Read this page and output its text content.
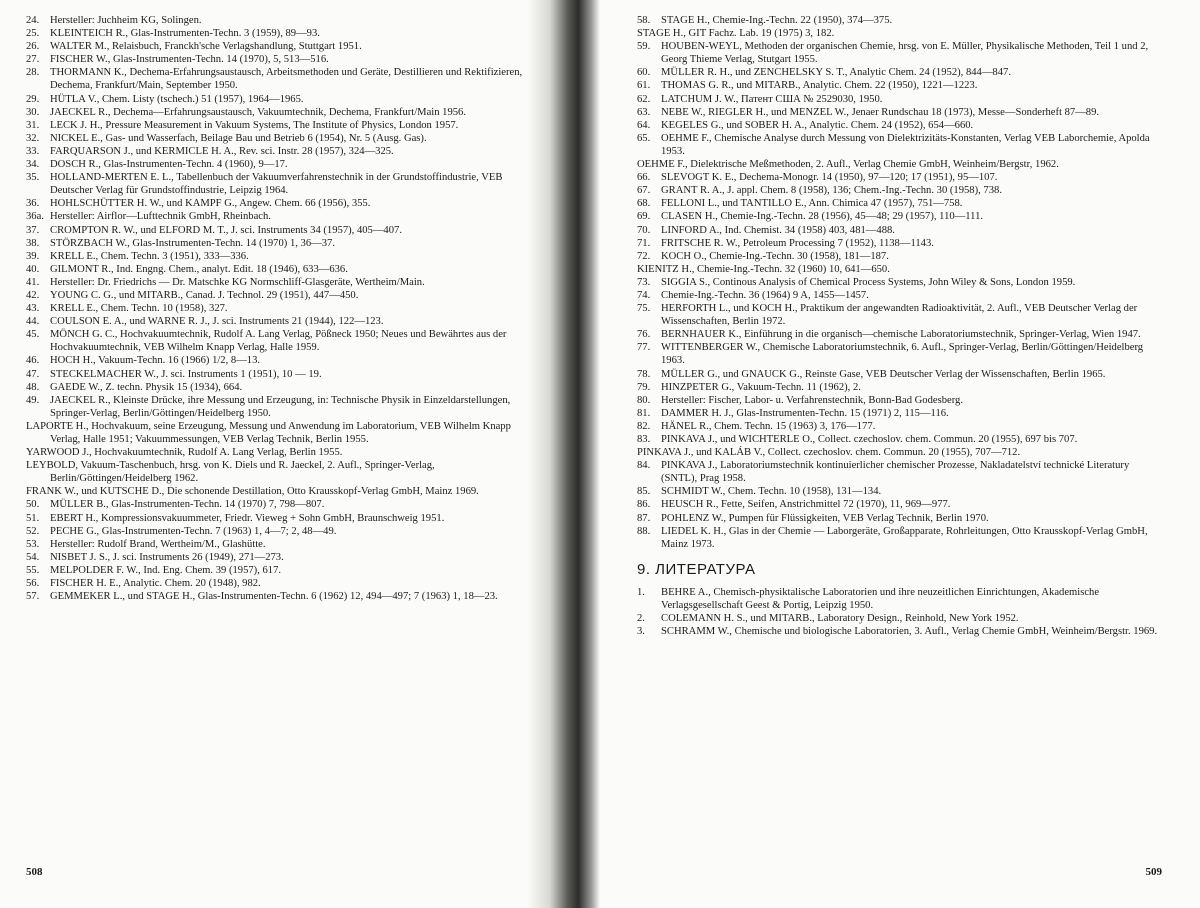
24. Hersteller: Juchheim KG, Solingen.

25. KLEINTEICH R., Glas-Instrumenten-Techn. 3 (1959), 89—93.

26. WALTER M., Relaisbuch, Franckh'sche Verlagshandlung, Stuttgart 1951.

27. FISCHER W., Glas-Instrumenten-Techn. 14 (1970), 5, 513—516.

28. THORMANN K., Dechema-Erfahrungsaustausch, Arbeitsmethoden und Geräte, Destillieren und Rektifizieren, Dechema, Frankfurt/Main, September 1950.

29. HÜTLA V., Chem. Listy (tschech.) 51 (1957), 1964—1965.

30. JAECKEL R., Dechema—Erfahrungsaustausch, Vakuumtechnik, Dechema, Frankfurt/Main 1956.

31. LECK J. H., Pressure Measurement in Vakuum Systems, The Institute of Physics, London 1957.

32. NICKEL E., Gas- und Wasserfach, Beilage Bau und Betrieb 6 (1954), Nr. 5 (Ausg. Gas).

33. FARQUARSON J., und KERMICLE H. A., Rev. sci. Instr. 28 (1957), 324—325.

34. DOSCH R., Glas-Instrumenten-Techn. 4 (1960), 9—17.

35. HOLLAND-MERTEN E. L., Tabellenbuch der Vakuumverfahrenstechnik in der Grundstoffindustrie, VEB Deutscher Verlag für Grundstoffindustrie, Leipzig 1964.

36. HOHLSCHÜTTER H. W., und KAMPF G., Angew. Chem. 66 (1956), 355.

36a. Hersteller: Airflor—Lufttechnik GmbH, Rheinbach.

37. CROMPTON R. W., und ELFORD M. T., J. sci. Instruments 34 (1957), 405—407.

38. STÖRZBACH W., Glas-Instrumenten-Techn. 14 (1970) 1, 36—37.

39. KRELL E., Chem. Techn. 3 (1951), 333—336.

40. GILMONT R., Ind. Engng. Chem., analyt. Edit. 18 (1946), 633—636.

41. Hersteller: Dr. Friedrichs — Dr. Matschke KG Normschliff-Glasgeräte, Wertheim/Main.

42. YOUNG C. G., und MITARB., Canad. J. Technol. 29 (1951), 447—450.

43. KRELL E., Chem. Techn. 10 (1958), 327.

44. COULSON E. A., und WARNE R. J., J. sci. Instruments 21 (1944), 122—123.

45. MÖNCH G. C., Hochvakuumtechnik, Rudolf A. Lang Verlag, Pößneck 1950; Neues und Bewährtes aus der Hochvakuumtechnik, VEB Wilhelm Knapp Verlag, Halle 1959.

46. HOCH H., Vakuum-Techn. 16 (1966) 1/2, 8—13.

47. STECKELMACHER W., J. sci. Instruments 1 (1951), 10 — 19.

48. GAEDE W., Z. techn. Physik 15 (1934), 664.

49. JAECKEL R., Kleinste Drücke, ihre Messung und Erzeugung, in: Technische Physik in Einzeldarstellungen, Springer-Verlag, Berlin/Göttingen/Heidelberg 1950.
LAPORTE H., Hochvakuum, seine Erzeugung, Messung und Anwendung im Laboratorium, VEB Wilhelm Knapp Verlag, Halle 1951; Vakuummessungen, VEB Verlag Technik, Berlin 1955.
YARWOOD J., Hochvakuumtechnik, Rudolf A. Lang Verlag, Berlin 1955.
LEYBOLD, Vakuum-Taschenbuch, hrsg. von K. Diels und R. Jaeckel, 2. Aufl., Springer-Verlag, Berlin/Göttingen/Heidelberg 1962.
FRANK W., und KUTSCHE D., Die schonende Destillation, Otto Krausskopf-Verlag GmbH, Mainz 1969.

50. MÜLLER B., Glas-Instrumenten-Techn. 14 (1970) 7, 798—807.

51. EBERT H., Kompressionsvakuummeter, Friedr. Vieweg + Sohn GmbH, Braunschweig 1951.

52. PECHE G., Glas-Instrumenten-Techn. 7 (1963) 1, 4—7; 2, 48—49.

53. Hersteller: Rudolf Brand, Wertheim/M., Glashütte.

54. NISBET J. S., J. sci. Instruments 26 (1949), 271—273.

55. MELPOLDER F. W., Ind. Eng. Chem. 39 (1957), 617.

56. FISCHER H. E., Analytic. Chem. 20 (1948), 982.

57. GEMMEKER L., und STAGE H., Glas-Instrumenten-Techn. 6 (1962) 12, 494—497; 7 (1963) 1, 18—23.

508

58. STAGE H., Chemie-Ing.-Techn. 22 (1950), 374—375.
STAGE H., GIT Fachz. Lab. 19 (1975) 3, 182.

59. HOUBEN-WEYL, Methoden der organischen Chemie, hrsg. von E. Müller, Physikalische Methoden, Teil 1 und 2, Georg Thieme Verlag, Stutgart 1955.

60. MÜLLER R. H., und ZENCHELSKY S. T., Analytic Chem. 24 (1952), 844—847.

61. THOMAS G. R., und MITARB., Analytic. Chem. 22 (1950), 1221—1223.

62. LATCHUM J. W., Патент США № 2529030, 1950.

63. NEBE W., RIEGLER H., und MENZEL W., Jenaer Rundschau 18 (1973), Messe—Sonderheft 87—89.

64. KEGELES G., und SOBER H. A., Analytic. Chem. 24 (1952), 654—660.

65. OEHME F., Chemische Analyse durch Messung von Dielektrizitäts-Konstanten, Verlag VEB Laborchemie, Apolda 1953.
OEHME F., Dielektrische Meßmethoden, 2. Aufl., Verlag Chemie GmbH, Weinheim/Bergstr, 1962.

66. SLEVOGT K. E., Dechema-Monogr. 14 (1950), 97—120; 17 (1951), 95—107.

67. GRANT R. A., J. appl. Chem. 8 (1958), 136; Chem.-Ing.-Techn. 30 (1958), 738.

68. FELLONI L., und TANTILLO E., Ann. Chimica 47 (1957), 751—758.

69. CLASEN H., Chemie-Ing.-Techn. 28 (1956), 45—48; 29 (1957), 110—111.

70. LINFORD A., Ind. Chemist. 34 (1958) 403, 481—488.

71. FRITSCHE R. W., Petroleum Processing 7 (1952), 1138—1143.

72. KOCH O., Chemie-Ing.-Techn. 30 (1958), 181—187.
KIENITZ H., Chemie-Ing.-Techn. 32 (1960) 10, 641—650.

73. SIGGIA S., Continous Analysis of Chemical Process Systems, John Wiley & Sons, London 1959.

74. Chemie-Ing.-Techn. 36 (1964) 9 A, 1455—1457.

75. HERFORTH L., und KOCH H., Praktikum der angewandten Radioaktivität, 2. Aufl., VEB Deutscher Verlag der Wissenschaften, Berlin 1972.

76. BERNHAUER K., Einführung in die organisch—chemische Laboratoriumstechnik, Springer-Verlag, Wien 1947.

77. WITTENBERGER W., Chemische Laboratoriumstechnik, 6. Aufl., Springer-Verlag, Berlin/Göttingen/Heidelberg 1963.

78. MÜLLER G., und GNAUCK G., Reinste Gase, VEB Deutscher Verlag der Wissenschaften, Berlin 1965.

79. HINZPETER G., Vakuum-Techn. 11 (1962), 2.

80. Hersteller: Fischer, Labor- u. Verfahrenstechnik, Bonn-Bad Godesberg.

81. DAMMER H. J., Glas-Instrumenten-Techn. 15 (1971) 2, 115—116.

82. HÄNEL R., Chem. Techn. 15 (1963) 3, 176—177.

83. PINKAVA J., und WICHTERLE O., Collect. czechoslov. chem. Commun. 20 (1955), 697 bis 707.
PINKAVA J., und KALÁB V., Collect. czechoslov. chem. Commun. 20 (1955), 707—712.

84. PINKAVA J., Laboratoriumstechnik kontinuierlicher chemischer Prozesse, Nakladatelství technické Literatury (SNTL), Prag 1958.

85. SCHMIDT W., Chem. Techn. 10 (1958), 131—134.

86. HEUSCH R., Fette, Seifen, Anstrichmittel 72 (1970), 11, 969—977.

87. POHLENZ W., Pumpen für Flüssigkeiten, VEB Verlag Technik, Berlin 1970.

88. LIEDEL K. H., Glas in der Chemie — Laborgeräte, Großapparate, Rohrleitungen, Otto Krausskopf-Verlag GmbH, Mainz 1973.

9. ЛИТЕРАТУРА

1. BEHRE A., Chemisch-physiktalische Laboratorien und ihre neuzeitlichen Einrichtungen, Akademische Verlagsgesellschaft Geest & Portig, Leipzig 1950.

2. COLEMANN H. S., und MITARB., Laboratory Design., Reinhold, New York 1952.

3. SCHRAMM W., Chemische und biologische Laboratorien, 3. Aufl., Verlag Chemie GmbH, Weinheim/Bergstr. 1969.

509
